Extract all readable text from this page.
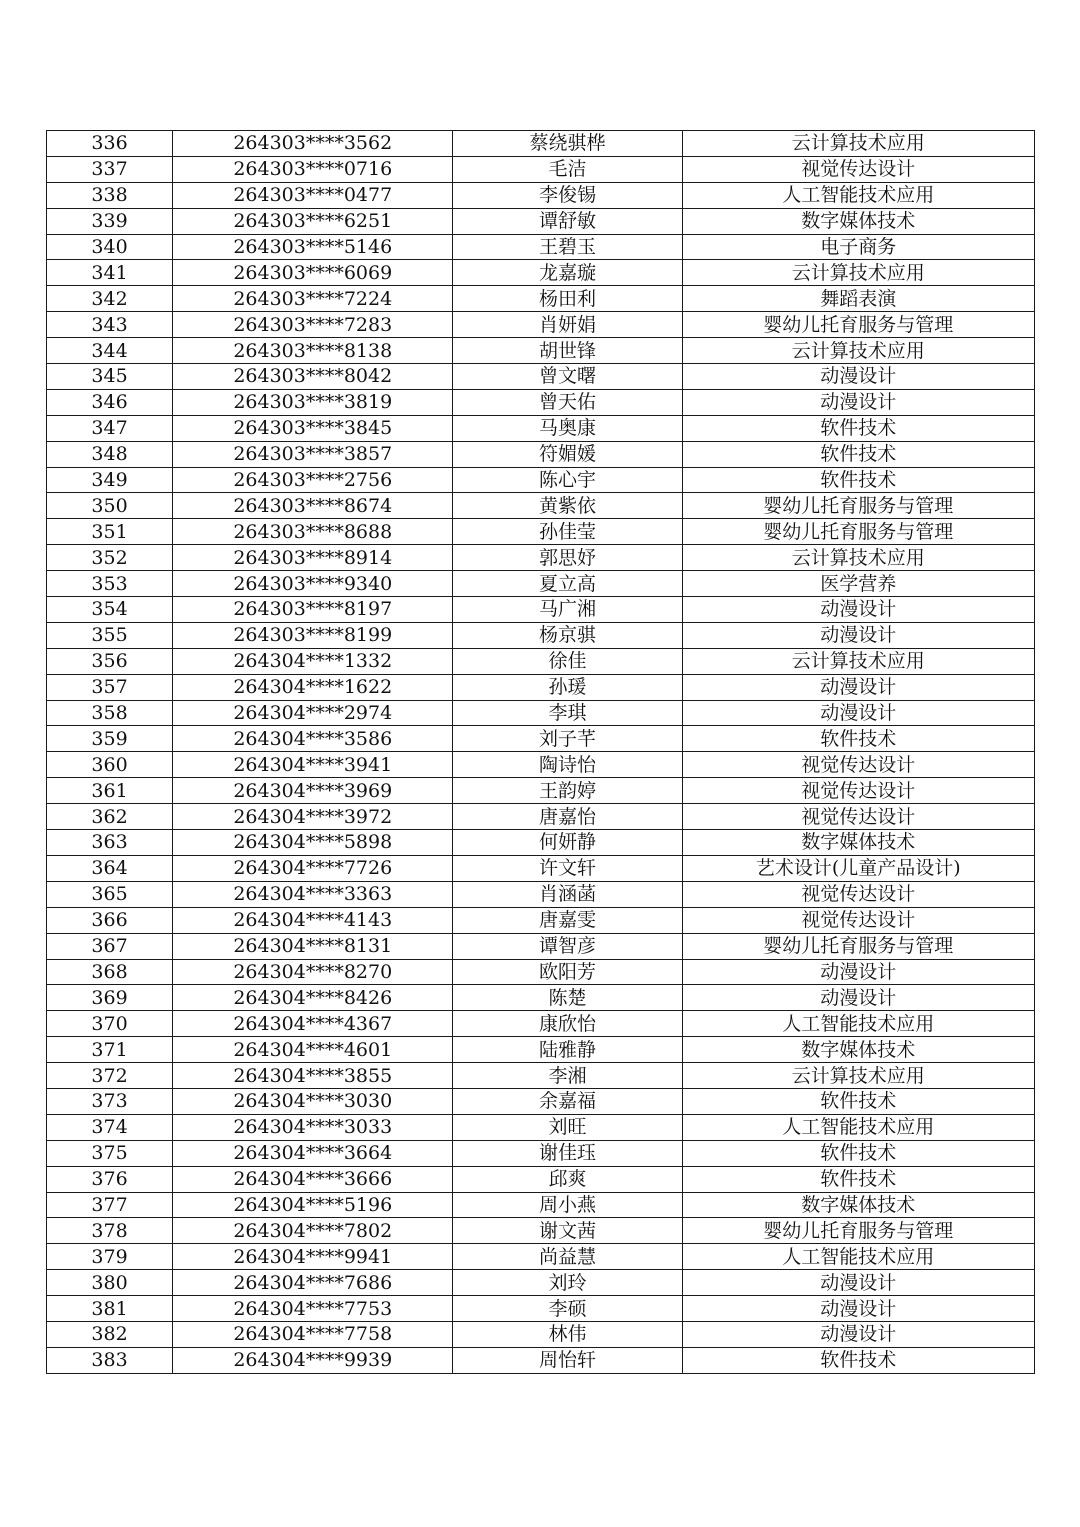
336	264303****3562	蔡绕骐桦	云计算技术应用
337	264303****0716	毛洁	视觉传达设计
338	264303****0477	李俊锡	人工智能技术应用
339	264303****6251	谭舒敏	数字媒体技术
340	264303****5146	王碧玉	电子商务
341	264303****6069	龙嘉璇	云计算技术应用
342	264303****7224	杨田利	舞蹈表演
343	264303****7283	肖妍娟	婴幼儿托育服务与管理
344	264303****8138	胡世锋	云计算技术应用
345	264303****8042	曾文曙	动漫设计
346	264303****3819	曾天佑	动漫设计
347	264303****3845	马奥康	软件技术
348	264303****3857	符媚媛	软件技术
349	264303****2756	陈心宇	软件技术
350	264303****8674	黄紫依	婴幼儿托育服务与管理
351	264303****8688	孙佳莹	婴幼儿托育服务与管理
352	264303****8914	郭思妤	云计算技术应用
353	264303****9340	夏立高	医学营养
354	264303****8197	马广湘	动漫设计
355	264303****8199	杨京骐	动漫设计
356	264304****1332	徐佳	云计算技术应用
357	264304****1622	孙瑗	动漫设计
358	264304****2974	李琪	动漫设计
359	264304****3586	刘子芊	软件技术
360	264304****3941	陶诗怡	视觉传达设计
361	264304****3969	王韵婷	视觉传达设计
362	264304****3972	唐嘉怡	视觉传达设计
363	264304****5898	何妍静	数字媒体技术
364	264304****7726	许文轩	艺术设计(儿童产品设计)
365	264304****3363	肖涵菡	视觉传达设计
366	264304****4143	唐嘉雯	视觉传达设计
367	264304****8131	谭智彦	婴幼儿托育服务与管理
368	264304****8270	欧阳芳	动漫设计
369	264304****8426	陈楚	动漫设计
370	264304****4367	康欣怡	人工智能技术应用
371	264304****4601	陆雅静	数字媒体技术
372	264304****3855	李湘	云计算技术应用
373	264304****3030	余嘉福	软件技术
374	264304****3033	刘旺	人工智能技术应用
375	264304****3664	谢佳珏	软件技术
376	264304****3666	邱爽	软件技术
377	264304****5196	周小燕	数字媒体技术
378	264304****7802	谢文茜	婴幼儿托育服务与管理
379	264304****9941	尚益慧	人工智能技术应用
380	264304****7686	刘玲	动漫设计
381	264304****7753	李硕	动漫设计
382	264304****7758	林伟	动漫设计
383	264304****9939	周怡轩	软件技术
